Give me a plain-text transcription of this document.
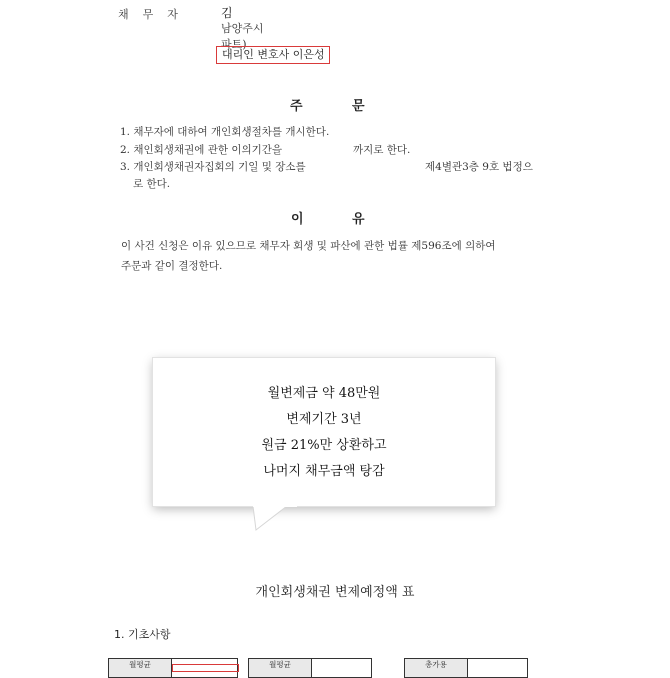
채무자 김
남양주시
파트)
대리인 변호사 이은성
주	문
1. 채무자에 대하여 개인회생절차를 개시한다.
2. 채인회생채권에 관한 이의기간을	까지로 한다.
3. 개인회생채권자집회의 기일 및 장소를	제4별관3층 9호 법정으
로 한다.
이	유
이 사건 신청은 이유 있으므로 채무자 회생 및 파산에 관한 법률 제596조에 의하여
주문과 같이 결정한다.
월변제금 약 48만원
변제기간 3년
원금 21%만 상환하고
나머지 채무금액 탕감
개인회생채권 변제예정액 표
1. 기초사항
월평균	월평균	총가용
